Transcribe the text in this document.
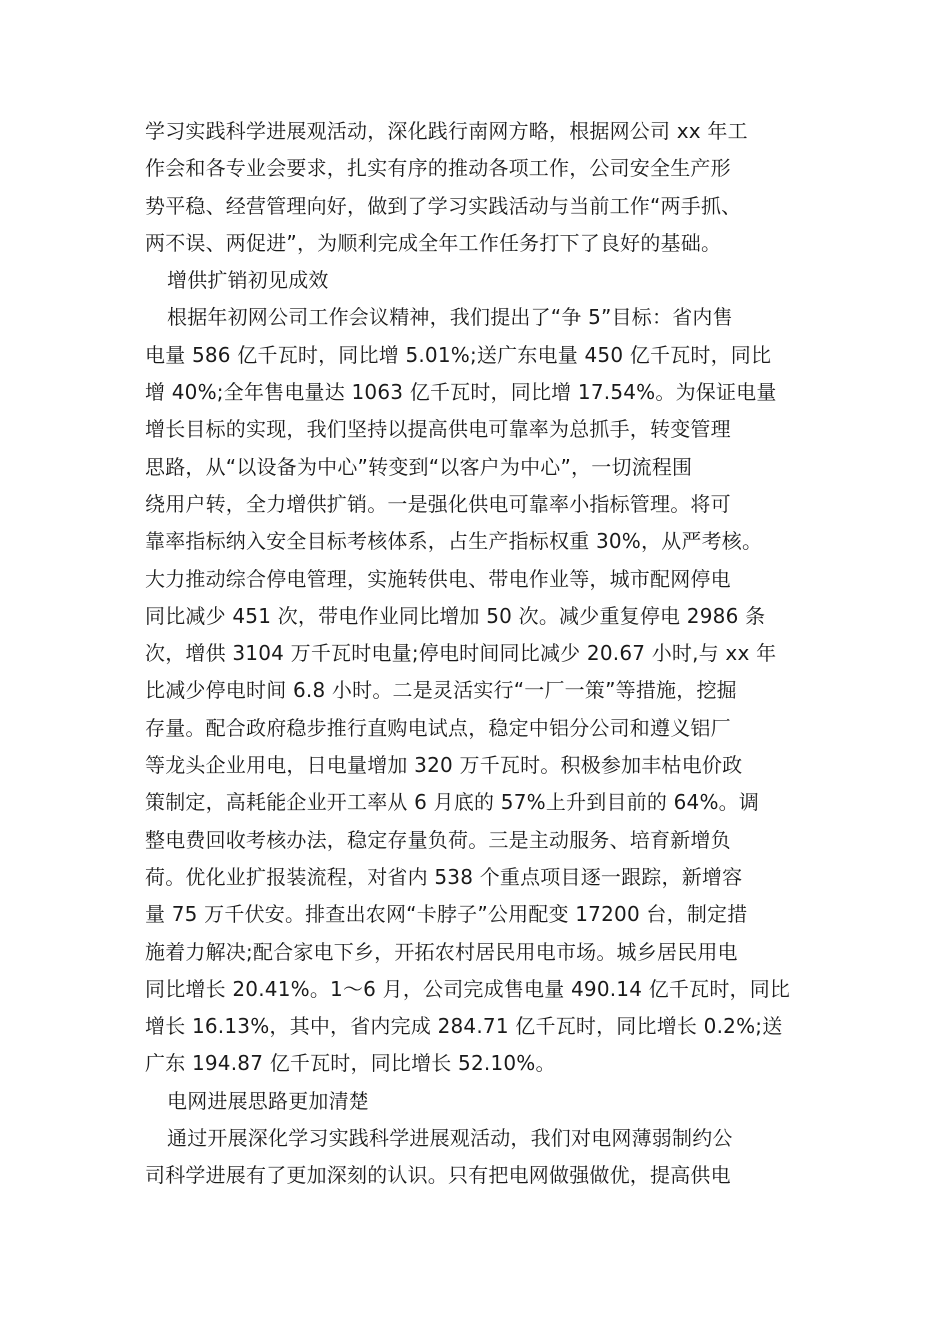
学习实践科学进展观活动，深化践行南网方略，根据网公司 xx 年工
作会和各专业会要求，扎实有序的推动各项工作，公司安全生产形
势平稳、经营管理向好，做到了学习实践活动与当前工作“两手抓、
两不误、两促进”，为顺利完成全年工作任务打下了良好的基础。
增供扩销初见成效
根据年初网公司工作会议精神，我们提出了“争 5”目标：省内售
电量 586 亿千瓦时，同比增 5.01%;送广东电量 450 亿千瓦时，同比
增 40%;全年售电量达 1063 亿千瓦时，同比增 17.54%。为保证电量
增长目标的实现，我们坚持以提高供电可靠率为总抓手，转变管理
思路，从“以设备为中心”转变到“以客户为中心”，一切流程围
绕用户转，全力增供扩销。一是强化供电可靠率小指标管理。将可
靠率指标纳入安全目标考核体系，占生产指标权重 30%，从严考核。
大力推动综合停电管理，实施转供电、带电作业等，城市配网停电
同比减少 451 次，带电作业同比增加 50 次。减少重复停电 2986 条
次，增供 3104 万千瓦时电量;停电时间同比减少 20.67 小时,与 xx 年
比减少停电时间 6.8 小时。二是灵活实行“一厂一策”等措施，挖掘
存量。配合政府稳步推行直购电试点，稳定中铝分公司和遵义铝厂
等龙头企业用电，日电量增加 320 万千瓦时。积极参加丰枯电价政
策制定，高耗能企业开工率从 6 月底的 57%上升到目前的 64%。调
整电费回收考核办法，稳定存量负荷。三是主动服务、培育新增负
荷。优化业扩报装流程，对省内 538 个重点项目逐一跟踪，新增容
量 75 万千伏安。排查出农网“卡脖子”公用配变 17200 台，制定措
施着力解决;配合家电下乡，开拓农村居民用电市场。城乡居民用电
同比增长 20.41%。1～6 月，公司完成售电量 490.14 亿千瓦时，同比
增长 16.13%，其中，省内完成 284.71 亿千瓦时，同比增长 0.2%;送
广东 194.87 亿千瓦时，同比增长 52.10%。
电网进展思路更加清楚
通过开展深化学习实践科学进展观活动，我们对电网薄弱制约公
司科学进展有了更加深刻的认识。只有把电网做强做优，提高供电
